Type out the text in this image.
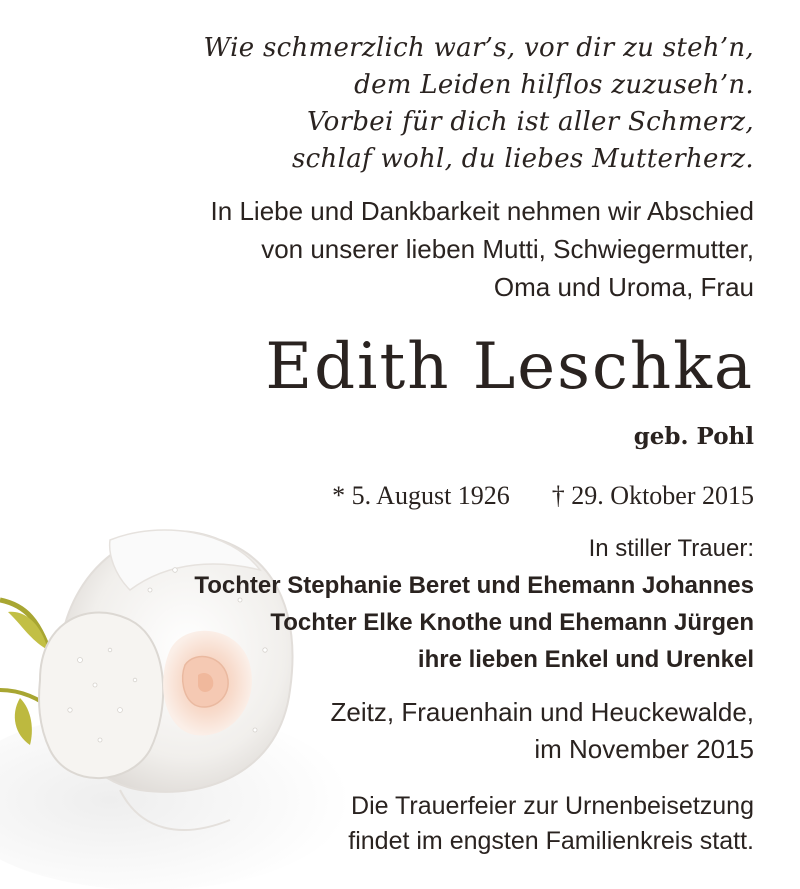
Wie schmerzlich war’s, vor dir zu steh’n,
dem Leiden hilflos zuzuseh’n.
Vorbei für dich ist aller Schmerz,
schlaf wohl, du liebes Mutterherz.
In Liebe und Dankbarkeit nehmen wir Abschied
von unserer lieben Mutti, Schwiegermutter,
Oma und Uroma, Frau
Edith Leschka
geb. Pohl
* 5. August 1926 † 29. Oktober 2015
In stiller Trauer:
Tochter Stephanie Beret und Ehemann Johannes
Tochter Elke Knothe und Ehemann Jürgen
ihre lieben Enkel und Urenkel
Zeitz, Frauenhain und Heuckewalde,
im November 2015
Die Trauerfeier zur Urnenbeisetzung
findet im engsten Familienkreis statt.
